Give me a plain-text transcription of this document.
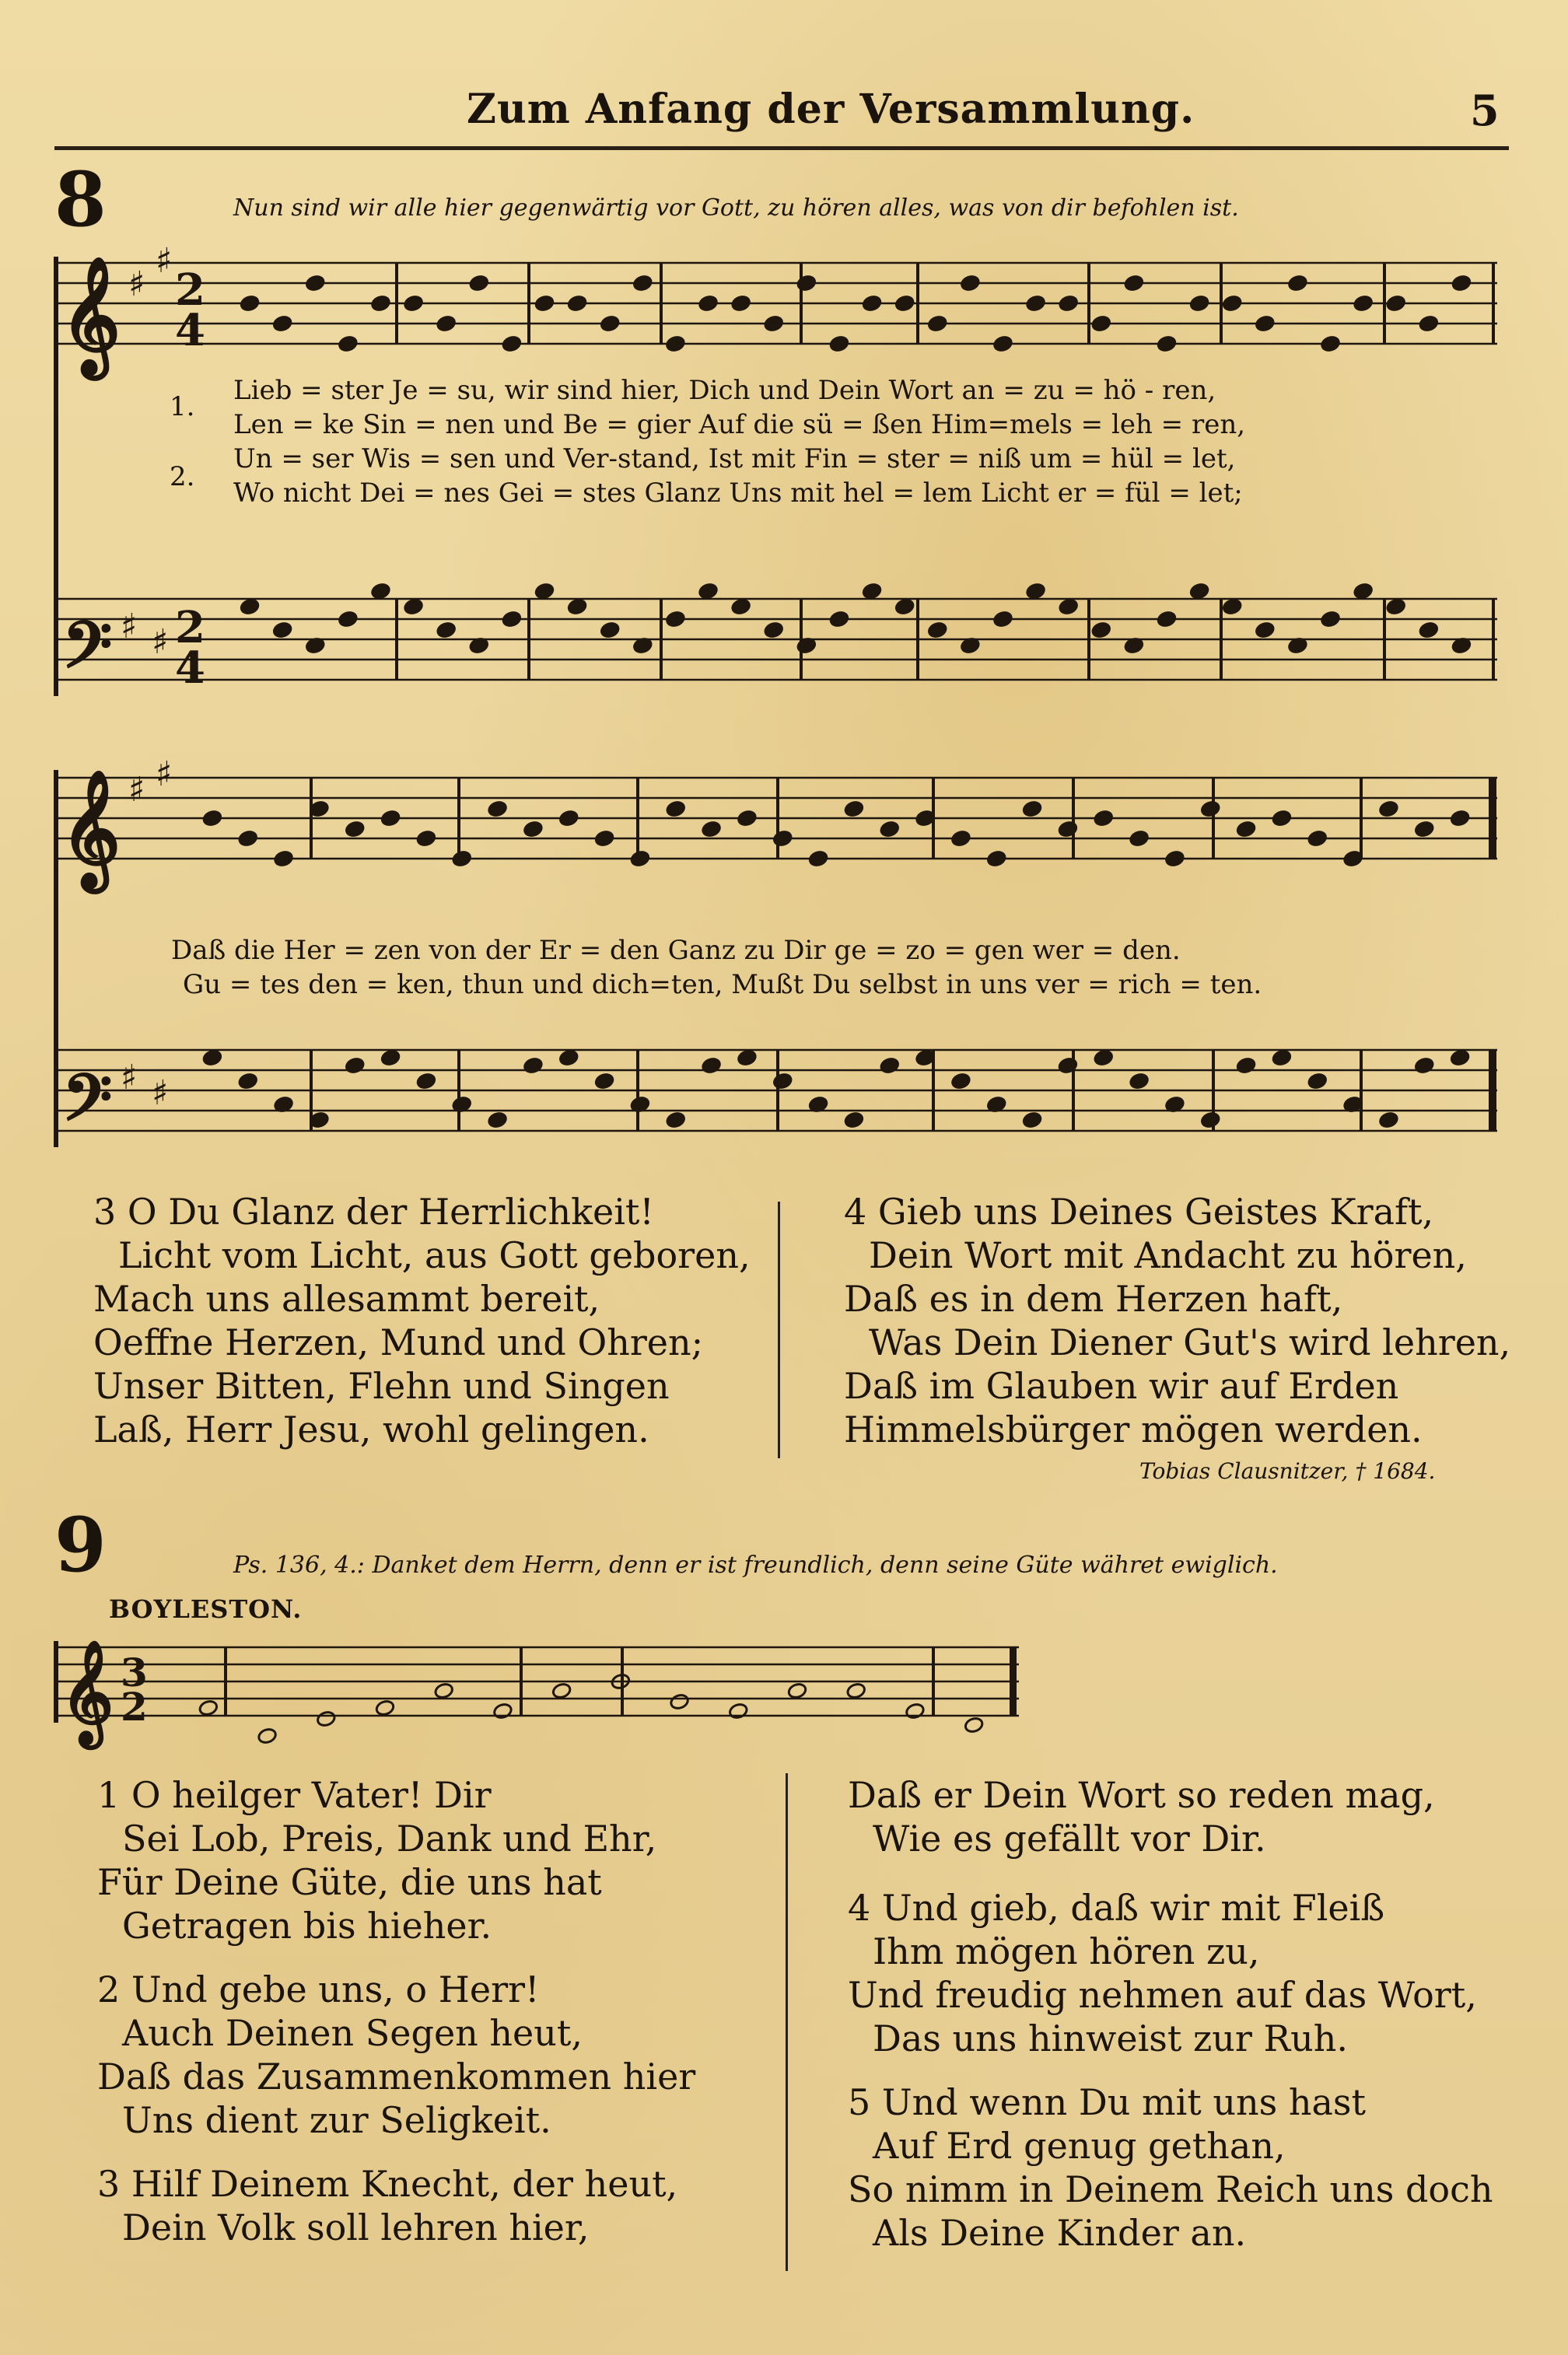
Zum Anfang der Versammlung.	5
8	Nun sind wir alle hier gegenwärtig vor Gott, zu hören alles, was von dir befohlen ist.
♯
♯
2
4
♯ ♯ 2
4
𝄞
𝄢
♯ ♯
♯ ♯
𝄞
𝄢
3
2
𝄞
1.
2.
Lieb = ster Je = su, wir sind hier, Dich und Dein Wort an = zu = hö - ren,
Len = ke Sin = nen und Be = gier Auf die sü = ßen Him=mels = leh = ren,
Un = ser Wis = sen und Ver-stand, Ist mit Fin = ster = niß um = hül = let,
Wo nicht Dei = nes Gei = stes Glanz Uns mit hel = lem Licht er = fül = let;
Daß die Her = zen von der Er = den Ganz zu Dir ge = zo = gen wer = den.
Gu = tes den = ken, thun und dich=ten, Mußt Du selbst in uns ver = rich = ten.
3 O Du Glanz der Herrlichkeit!
Licht vom Licht, aus Gott geboren,
Mach uns allesammt bereit,
Oeffne Herzen, Mund und Ohren;
Unser Bitten, Flehn und Singen
Laß, Herr Jesu, wohl gelingen.
4 Gieb uns Deines Geistes Kraft,
Dein Wort mit Andacht zu hören,
Daß es in dem Herzen haft,
Was Dein Diener Gut's wird lehren,
Daß im Glauben wir auf Erden
Himmelsbürger mögen werden.
Tobias Clausnitzer, † 1684.
9	Ps. 136, 4.: Danket dem Herrn, denn er ist freundlich, denn seine Güte währet ewiglich.
BOYLESTON.
1 O heilger Vater! Dir
Sei Lob, Preis, Dank und Ehr,
Für Deine Güte, die uns hat
Getragen bis hieher.
2 Und gebe uns, o Herr!
Auch Deinen Segen heut,
Daß das Zusammenkommen hier
Uns dient zur Seligkeit.
3 Hilf Deinem Knecht, der heut,
Dein Volk soll lehren hier,
Daß er Dein Wort so reden mag,
Wie es gefällt vor Dir.
4 Und gieb, daß wir mit Fleiß
Ihm mögen hören zu,
Und freudig nehmen auf das Wort,
Das uns hinweist zur Ruh.
5 Und wenn Du mit uns hast
Auf Erd genug gethan,
So nimm in Deinem Reich uns doch
Als Deine Kinder an.
